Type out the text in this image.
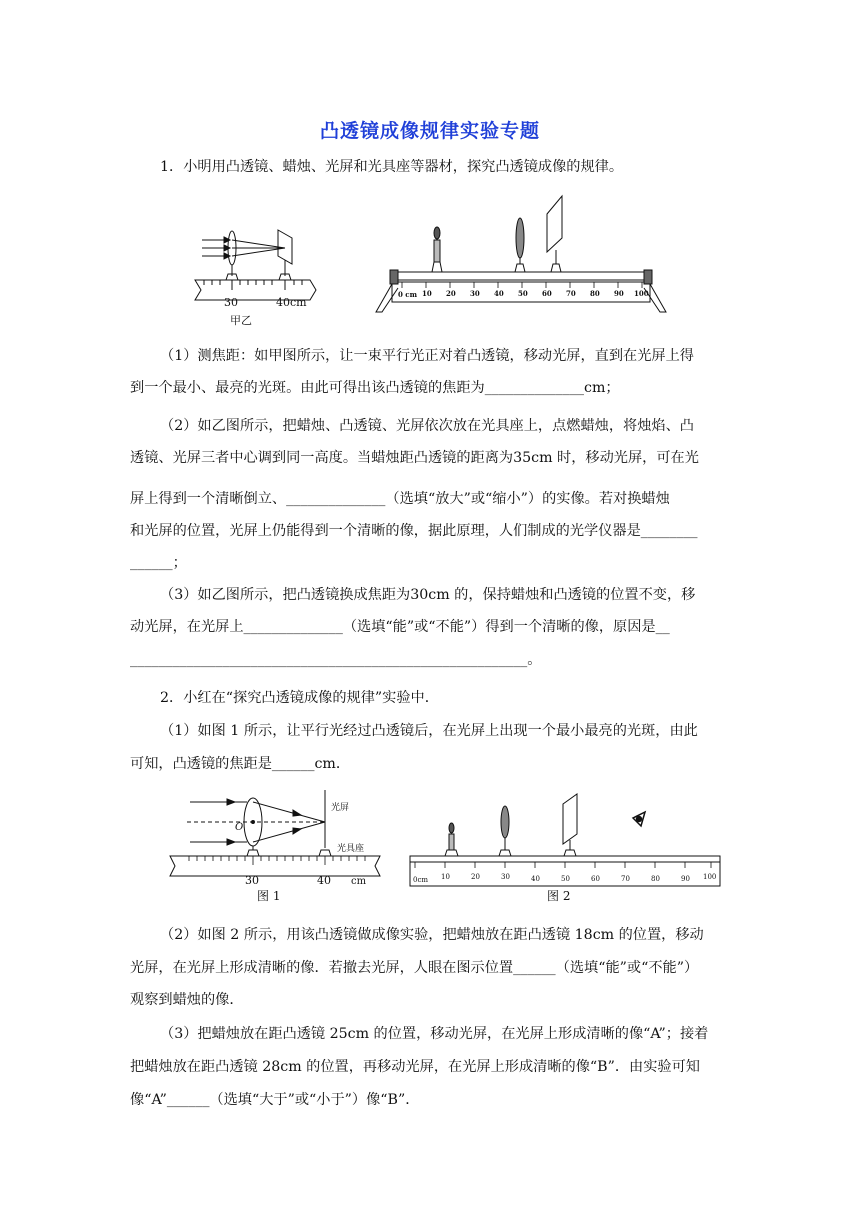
凸透镜成像规律实验专题
1．小明用凸透镜、蜡烛、光屏和光具座等器材，探究凸透镜成像的规律。
30	40cm
甲乙
0 cm 10 20 30 40 50 60 70 80 90 100
（1）测焦距：如甲图所示，让一束平行光正对着凸透镜，移动光屏，直到在光屏上得
到一个最小、最亮的光斑。由此可得出该凸透镜的焦距为______________cm；
（2）如乙图所示，把蜡烛、凸透镜、光屏依次放在光具座上，点燃蜡烛，将烛焰、凸
透镜、光屏三者中心调到同一高度。当蜡烛距凸透镜的距离为35cm 时，移动光屏，可在光
屏上得到一个清晰倒立、______________（选填“放大”或“缩小”）的实像。若对换蜡烛
和光屏的位置，光屏上仍能得到一个清晰的像，据此原理，人们制成的光学仪器是________
______；
（3）如乙图所示，把凸透镜换成焦距为30cm 的，保持蜡烛和凸透镜的位置不变，移
动光屏，在光屏上______________（选填“能”或“不能”）得到一个清晰的像，原因是__
________________________________________________________。
2．小红在“探究凸透镜成像的规律”实验中．
（1）如图 1 所示，让平行光经过凸透镜后，在光屏上出现一个最小最亮的光斑，由此
可知，凸透镜的焦距是______cm．
O
光屏
光具座
30	40 cm
图 1
0cm 10	20	30	40	50	60	70	80	90 100
图 2
（2）如图 2 所示，用该凸透镜做成像实验，把蜡烛放在距凸透镜 18cm 的位置，移动
光屏，在光屏上形成清晰的像．若撤去光屏，人眼在图示位置______（选填“能”或“不能”）
观察到蜡烛的像．
（3）把蜡烛放在距凸透镜 25cm 的位置，移动光屏，在光屏上形成清晰的像“A”；接着
把蜡烛放在距凸透镜 28cm 的位置，再移动光屏，在光屏上形成清晰的像“B”．由实验可知
像“A”______（选填“大于”或“小于”）像“B”．
